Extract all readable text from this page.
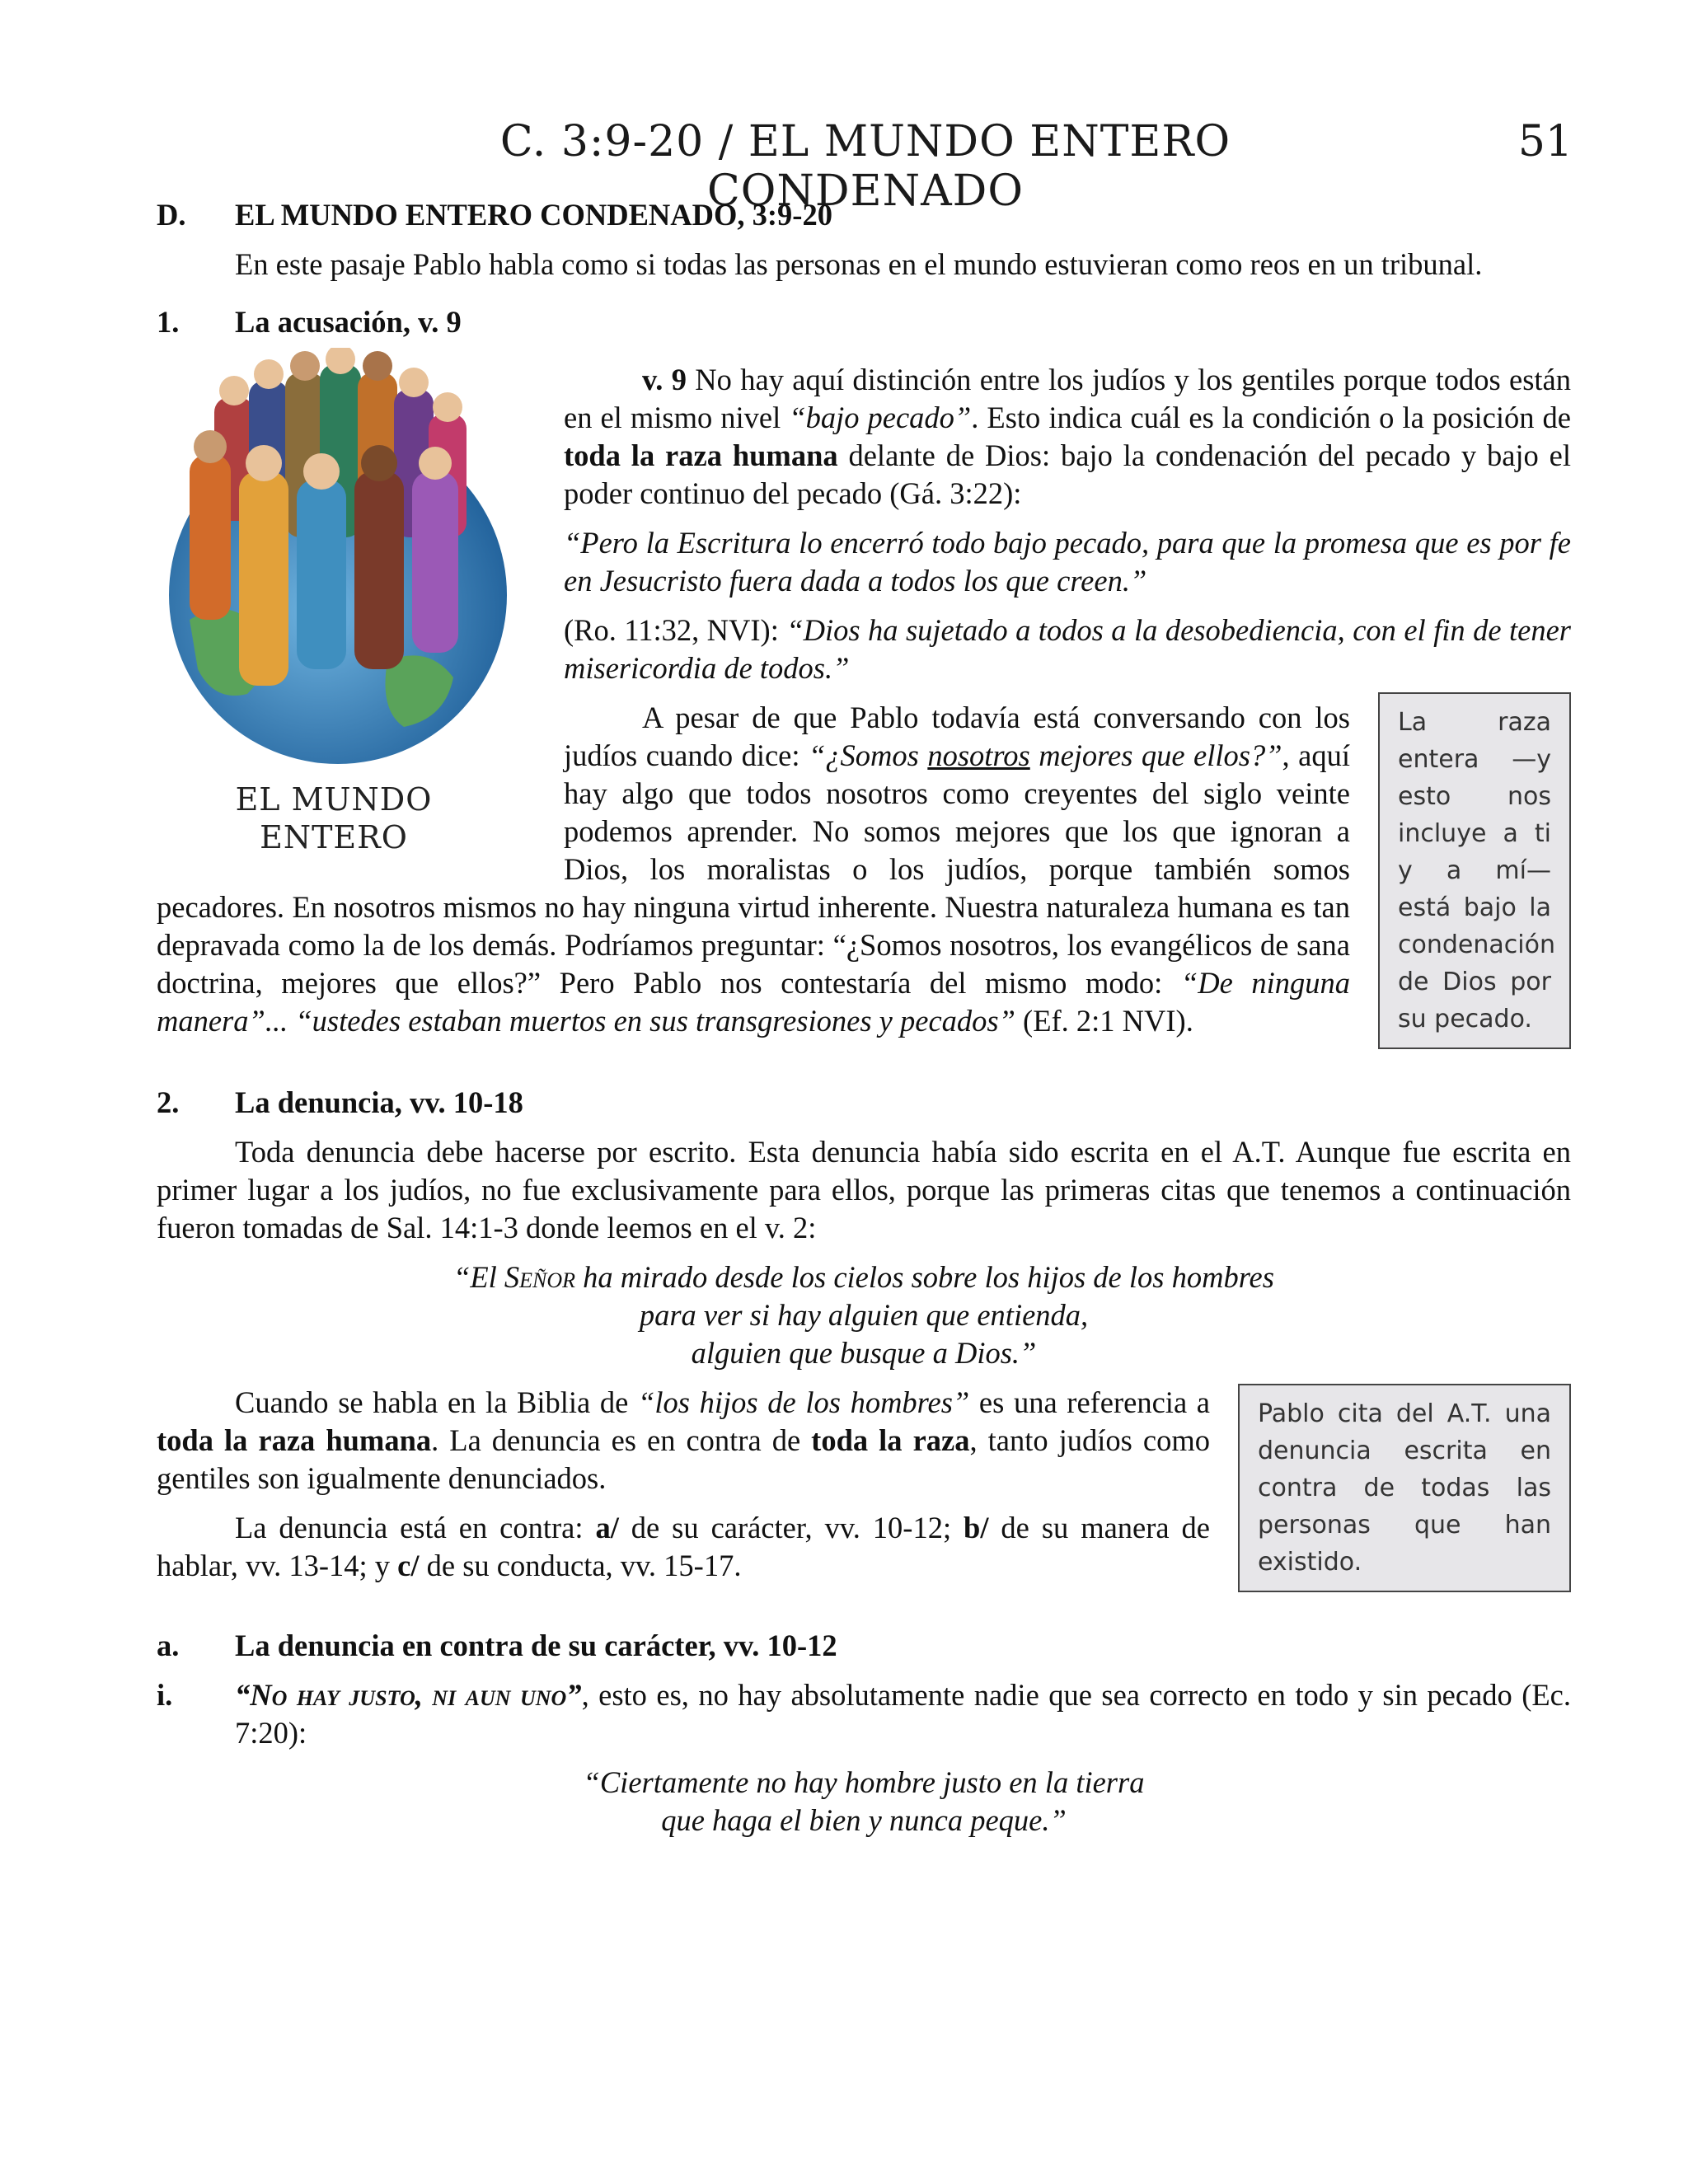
C. 3:9-20 / EL MUNDO ENTERO CONDENADO
51
D. EL MUNDO ENTERO CONDENADO, 3:9-20

En este pasaje Pablo habla como si todas las personas en el mundo estuvieran como reos en un tribunal.

1. La acusación, v. 9
EL MUNDO ENTERO

v. 9 No hay aquí distinción entre los judíos y los gentiles porque todos están en el mismo nivel “bajo pecado”. Esto indica cuál es la condición o la posición de toda la raza humana delante de Dios: bajo la condenación del pecado y bajo el poder continuo del pecado (Gá. 3:22):

“Pero la Escritura lo encerró todo bajo pecado, para que la promesa que es por fe en Jesucristo fuera dada a todos los que creen.”

(Ro. 11:32, NVI): “Dios ha sujetado a todos a la desobediencia, con el fin de tener misericordia de todos.”

La raza entera —y esto nos incluye a ti y a mí— está bajo la condenación de Dios por su pecado.

A pesar de que Pablo todavía está conversando con los judíos cuando dice: “¿Somos nosotros mejores que ellos?”, aquí hay algo que todos nosotros como creyentes del siglo veinte podemos aprender. No somos mejores que los que ignoran a Dios, los moralistas o los judíos, porque también somos pecadores. En nosotros mismos no hay ninguna virtud inherente. Nuestra naturaleza humana es tan depravada como la de los demás. Podríamos preguntar: “¿Somos nosotros, los evangélicos de sana doctrina, mejores que ellos?” Pero Pablo nos contestaría del mismo modo: “De ninguna manera”... “ustedes estaban muertos en sus transgresiones y pecados” (Ef. 2:1 NVI).

2. La denuncia, vv. 10-18

Toda denuncia debe hacerse por escrito. Esta denuncia había sido escrita en el A.T. Aunque fue escrita en primer lugar a los judíos, no fue exclusivamente para ellos, porque las primeras citas que tenemos a continuación fueron tomadas de Sal. 14:1-3 donde leemos en el v. 2:

“El Señor ha mirado desde los cielos sobre los hijos de los hombres

para ver si hay alguien que entienda,

alguien que busque a Dios.”

Pablo cita del A.T. una denuncia escrita en contra de todas las personas que han existido.

Cuando se habla en la Biblia de “los hijos de los hombres” es una referencia a toda la raza humana. La denuncia es en contra de toda la raza, tanto judíos como gentiles son igualmente denunciados.

La denuncia está en contra: a/ de su carácter, vv. 10-12; b/ de su manera de hablar, vv. 13-14; y c/ de su conducta, vv. 15-17.

a. La denuncia en contra de su carácter, vv. 10-12

i. “No hay justo, ni aun uno”, esto es, no hay absolutamente nadie que sea correcto en todo y sin pecado (Ec. 7:20):

“Ciertamente no hay hombre justo en la tierra

que haga el bien y nunca peque.”
